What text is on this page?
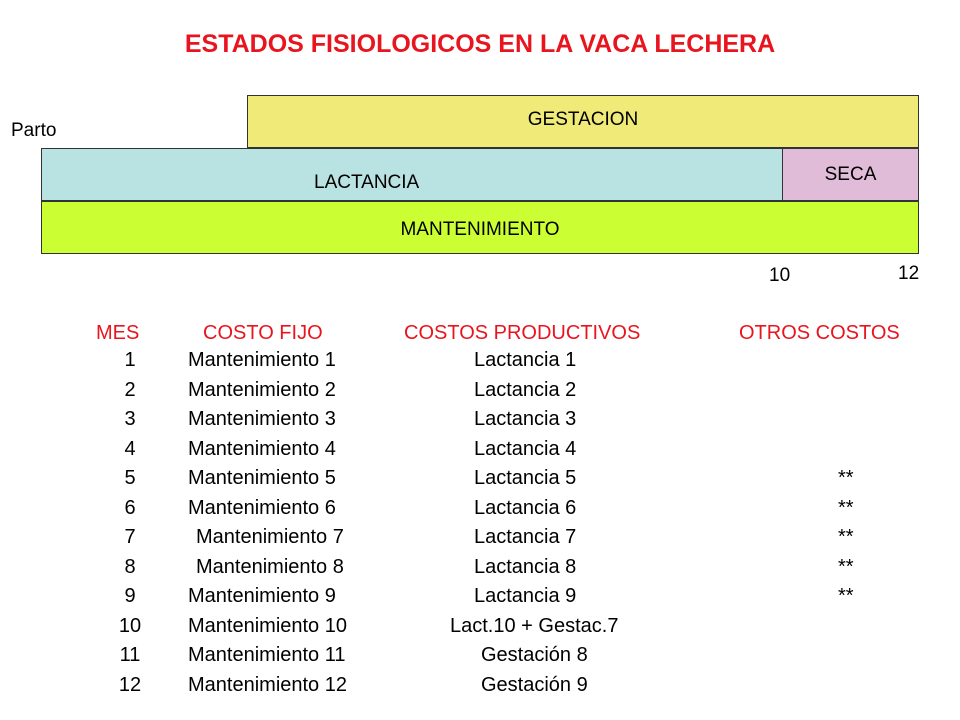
ESTADOS FISIOLOGICOS EN LA VACA LECHERA
Parto
GESTACION
LACTANCIA	SECA
MANTENIMIENTO
10	12
MES	COSTO FIJO	COSTOS PRODUCTIVOS	OTROS COSTOS
1	Mantenimiento 1	Lactancia 1
2	Mantenimiento 2	Lactancia 2
3	Mantenimiento 3	Lactancia 3
4	Mantenimiento 4	Lactancia 4
5	Mantenimiento 5	Lactancia 5	**
6	Mantenimiento 6	Lactancia 6	**
7	Mantenimiento 7	Lactancia 7	**
8	Mantenimiento 8	Lactancia 8	**
9	Mantenimiento 9	Lactancia 9	**
10	Mantenimiento 10	Lact.10 + Gestac.7
11	Mantenimiento 11	Gestación 8
12	Mantenimiento 12	Gestación 9
